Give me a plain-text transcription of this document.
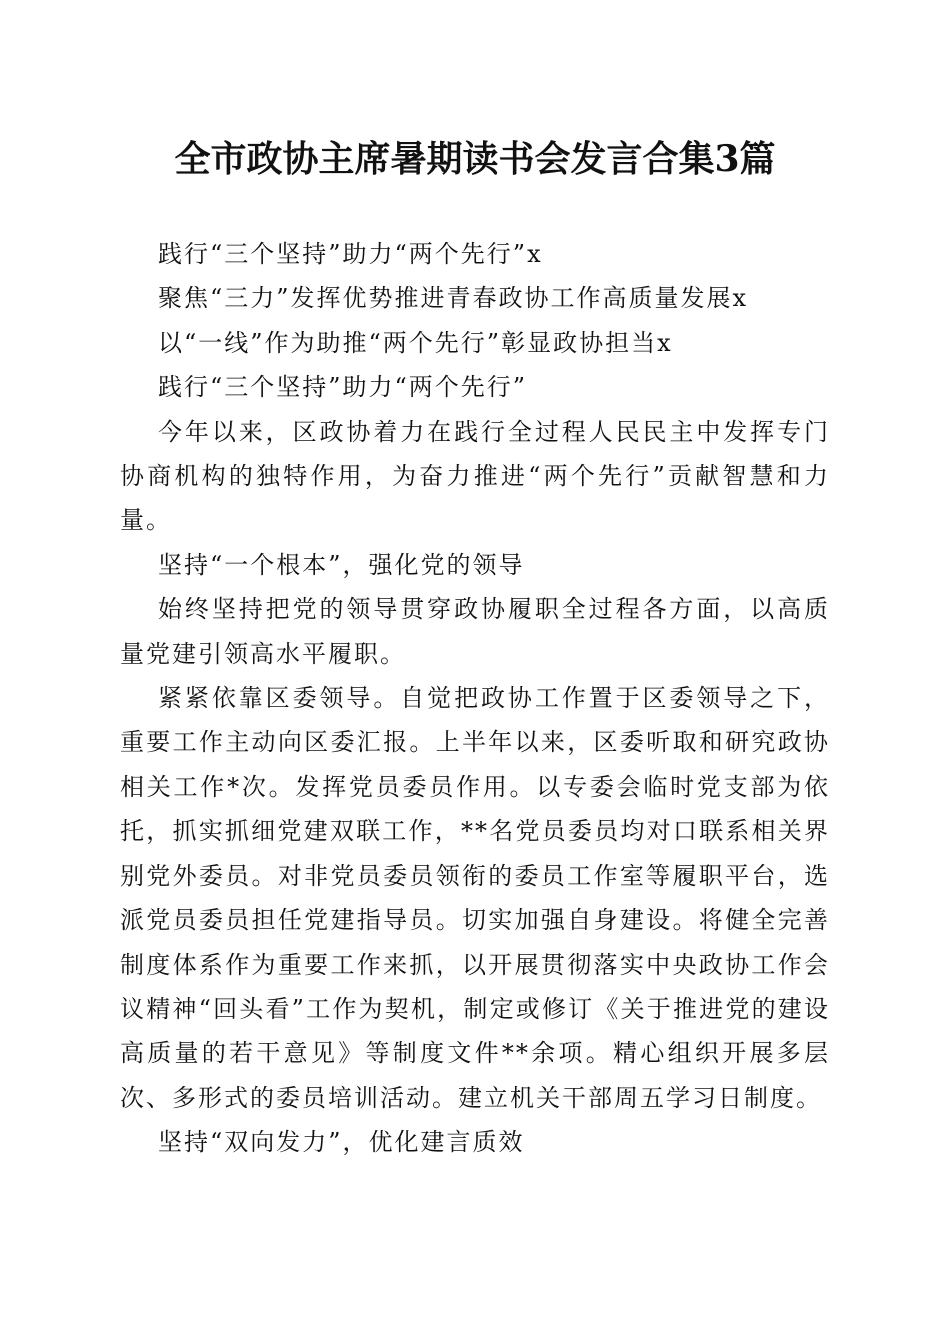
全市政协主席暑期读书会发言合集3篇

践行“三个坚持”助力“两个先行”x

聚焦“三力”发挥优势推进青春政协工作高质量发展x

以“一线”作为助推“两个先行”彰显政协担当x

践行“三个坚持”助力“两个先行”

今年以来，区政协着力在践行全过程人民民主中发挥专门协商机构的独特作用，为奋力推进“两个先行”贡献智慧和力量。

坚持“一个根本”，强化党的领导

始终坚持把党的领导贯穿政协履职全过程各方面，以高质量党建引领高水平履职。

紧紧依靠区委领导。自觉把政协工作置于区委领导之下，重要工作主动向区委汇报。上半年以来，区委听取和研究政协相关工作*次。发挥党员委员作用。以专委会临时党支部为依托，抓实抓细党建双联工作，**名党员委员均对口联系相关界别党外委员。对非党员委员领衔的委员工作室等履职平台，选派党员委员担任党建指导员。切实加强自身建设。将健全完善制度体系作为重要工作来抓，以开展贯彻落实中央政协工作会议精神“回头看”工作为契机，制定或修订《关于推进党的建设高质量的若干意见》等制度文件**余项。精心组织开展多层次、多形式的委员培训活动。建立机关干部周五学习日制度。

坚持“双向发力”，优化建言质效
